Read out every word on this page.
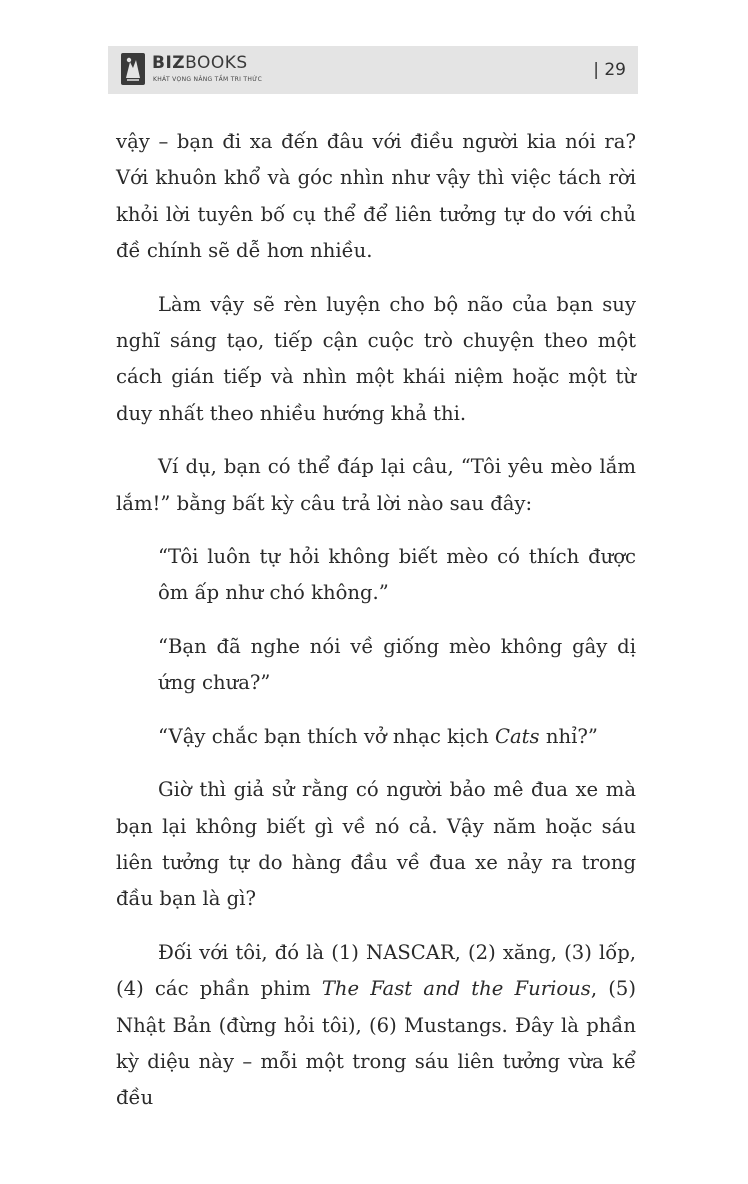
BIZBOOKS
KHÁT VỌNG NÂNG TẦM TRI THỨC	| 29

vậy – bạn đi xa đến đâu với điều người kia nói ra? Với khuôn khổ và góc nhìn như vậy thì việc tách rời khỏi lời tuyên bố cụ thể để liên tưởng tự do với chủ đề chính sẽ dễ hơn nhiều.

Làm vậy sẽ rèn luyện cho bộ não của bạn suy nghĩ sáng tạo, tiếp cận cuộc trò chuyện theo một cách gián tiếp và nhìn một khái niệm hoặc một từ duy nhất theo nhiều hướng khả thi.

Ví dụ, bạn có thể đáp lại câu, “Tôi yêu mèo lắm lắm!” bằng bất kỳ câu trả lời nào sau đây:

“Tôi luôn tự hỏi không biết mèo có thích được ôm ấp như chó không.”

“Bạn đã nghe nói về giống mèo không gây dị ứng chưa?”

“Vậy chắc bạn thích vở nhạc kịch Cats nhỉ?”

Giờ thì giả sử rằng có người bảo mê đua xe mà bạn lại không biết gì về nó cả. Vậy năm hoặc sáu liên tưởng tự do hàng đầu về đua xe nảy ra trong đầu bạn là gì?

Đối với tôi, đó là (1) NASCAR, (2) xăng, (3) lốp, (4) các phần phim The Fast and the Furious, (5) Nhật Bản (đừng hỏi tôi), (6) Mustangs. Đây là phần kỳ diệu này – mỗi một trong sáu liên tưởng vừa kể đều
